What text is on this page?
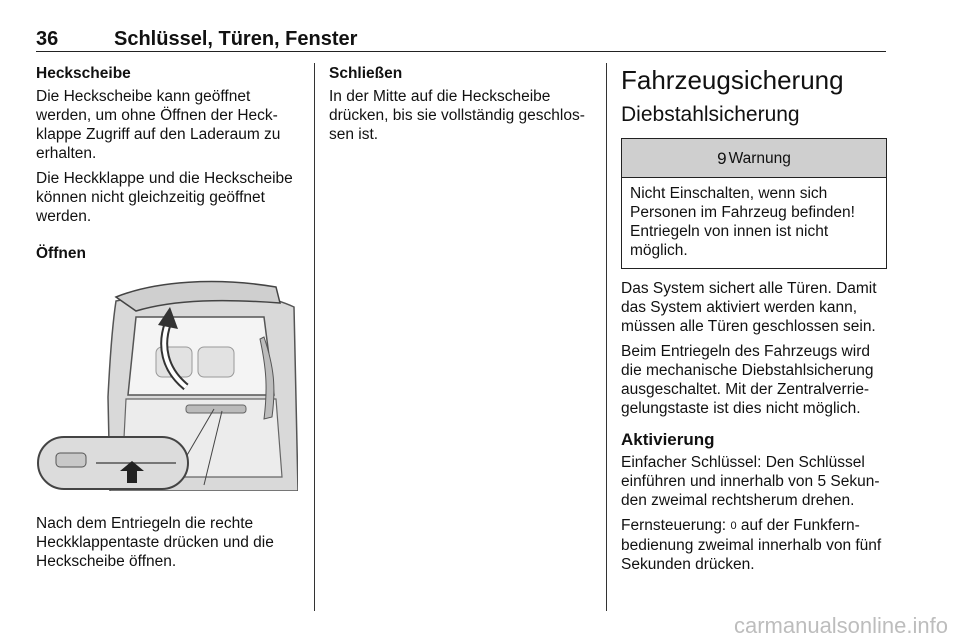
36	Schlüssel, Türen, Fenster
Heckscheibe

Die Heckscheibe kann geöffnet werden, um ohne Öffnen der Heck-klappe Zugriff auf den Laderaum zu erhalten.

Die Heckklappe und die Heckscheibe können nicht gleichzeitig geöffnet werden.

Öffnen

Nach dem Entriegeln die rechte Heckklappentaste drücken und die Heckscheibe öffnen.

Schließen

In der Mitte auf die Heckscheibe drücken, bis sie vollständig geschlos-sen ist.

Fahrzeugsicherung
Diebstahlsicherung
9 Warnung
Nicht Einschalten, wenn sich Personen im Fahrzeug befinden! Entriegeln von innen ist nicht möglich.

Das System sichert alle Türen. Damit das System aktiviert werden kann, müssen alle Türen geschlossen sein.

Beim Entriegeln des Fahrzeugs wird die mechanische Diebstahlsicherung ausgeschaltet. Mit der Zentralverrie-gelungstaste ist dies nicht möglich.

Aktivierung

Einfacher Schlüssel: Den Schlüssel einführen und innerhalb von 5 Sekun-den zweimal rechtsherum drehen.

Fernsteuerung: 0 auf der Funkfern-bedienung zweimal innerhalb von fünf Sekunden drücken.

carmanualsonline.info
